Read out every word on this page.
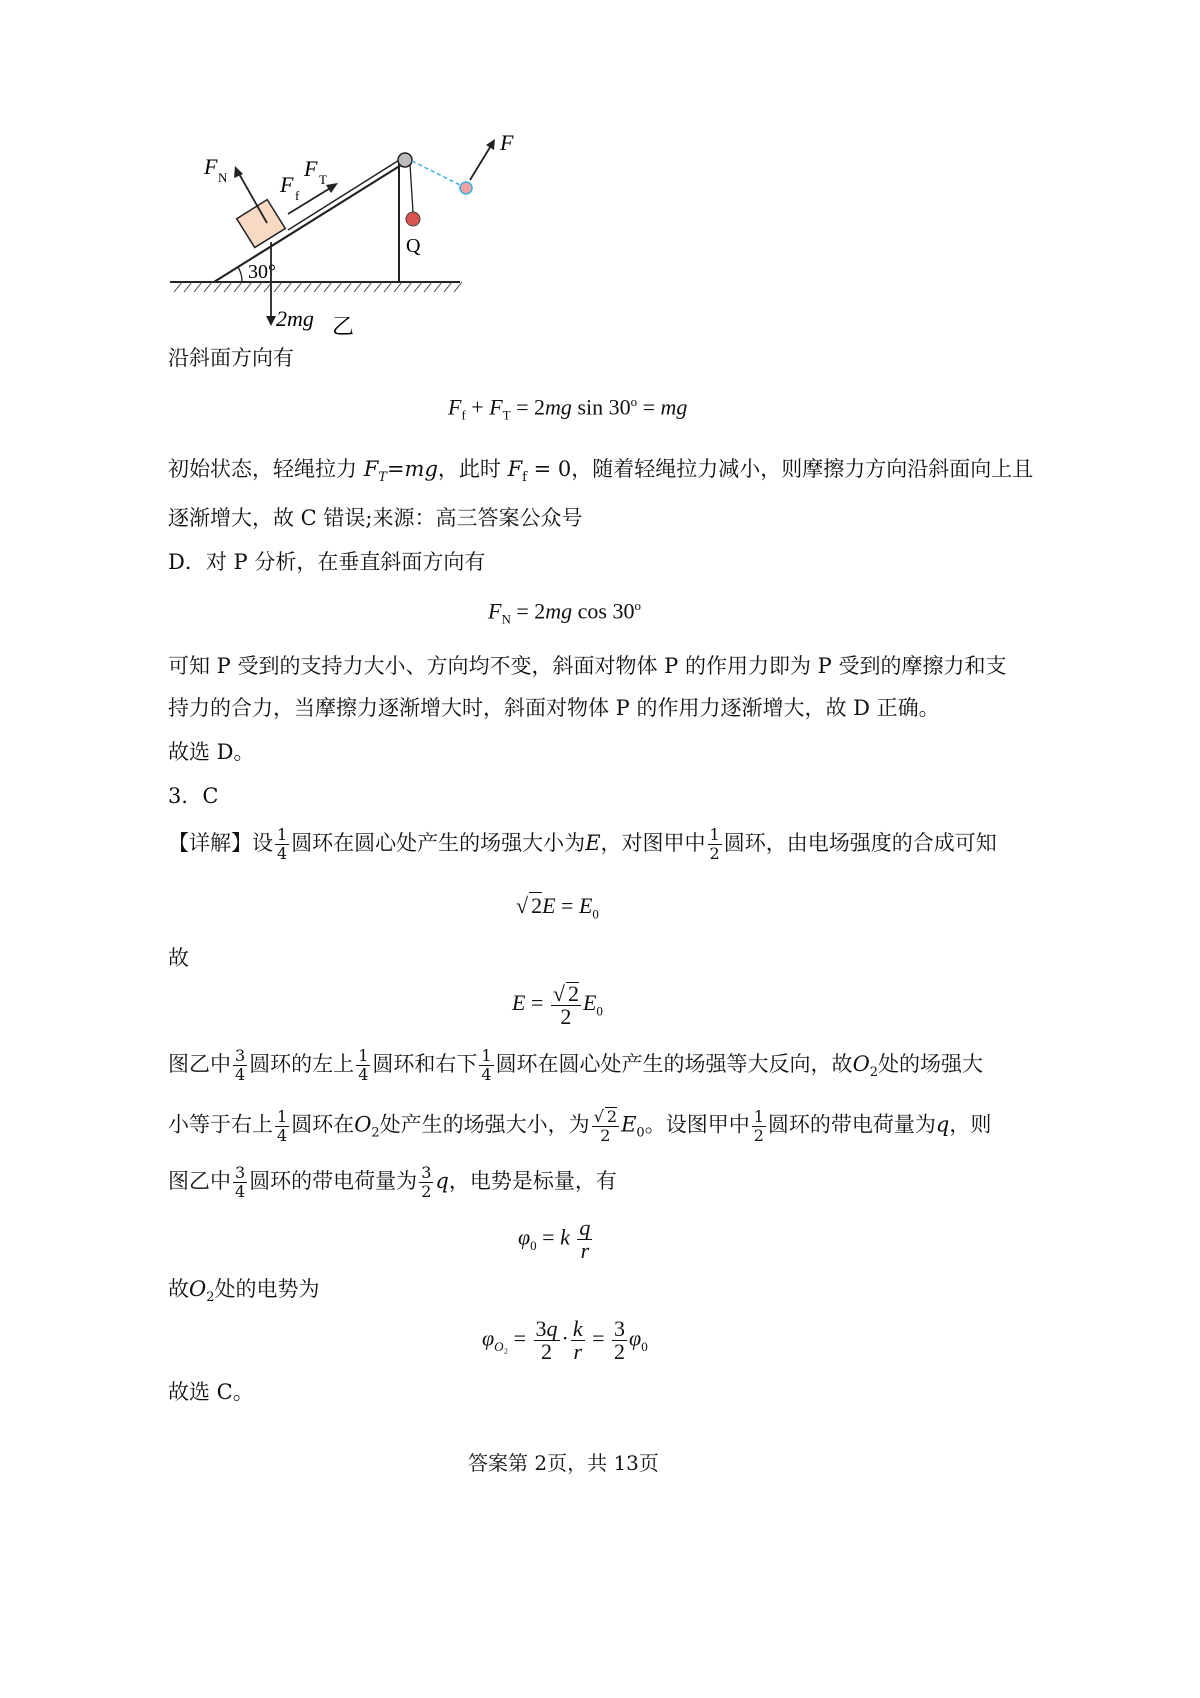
Q
F
F N F f
F T
30°
2mg 乙
沿斜面方向有
$F_f + F_T = 2mg$ $\sin 30^o$ = mg
初始状态，轻绳拉力 $F_T=mg$，此时 $F_f = 0$，随着轻绳拉力减小，则摩擦力方向沿斜面向上且
逐渐增大，故 C 错误;来源：高三答案公众号
D．对 P 分析，在垂直斜面方向有
$F_N = 2mg$ cos 30$^o$
可知 P 受到的支持力大小、方向均不变，斜面对物体 P 的作用力即为 P 受到的摩擦力和支
持力的合力，当摩擦力逐渐增大时，斜面对物体 P 的作用力逐渐增大，故 D 正确。
故选 D。
3．C
【详解】设 $\frac{1}{4}$ 圆环在圆心处产生的场强大小为E，对图甲中 $\frac{1}{2}$ 圆环，由电场强度的合成可知
√ $2E = E_0$
故
$E = \frac{√ 2}{2} E_0$
图乙中 $\frac{3}{4}$ 圆环的左上 $\frac{1}{4}$ 圆环和右下 $\frac{1}{4}$ 圆环在圆心处产生的场强等大反向，故$O_2$处的场强大
小等于右上 $\frac{1}{4}$ 圆环在$O_2$处产生的场强大小，为 $\frac{√ 2}{2} E_0$。设图甲中 $\frac{1}{2}$ 圆环的带电荷量为q，则
图乙中 $\frac{3}{4}$ 圆环的带电荷量为 $\frac{3}{2}$ q，电势是标量，有
$\varphi_0 = k \frac{q}{r}$
故$O_2$处的电势为
$\varphi_{O_2} = \frac{3q}{2} \cdot \frac{k}{r} = \frac{3}{2} \varphi_0$
故选 C。
答案第 2页，共 13页
